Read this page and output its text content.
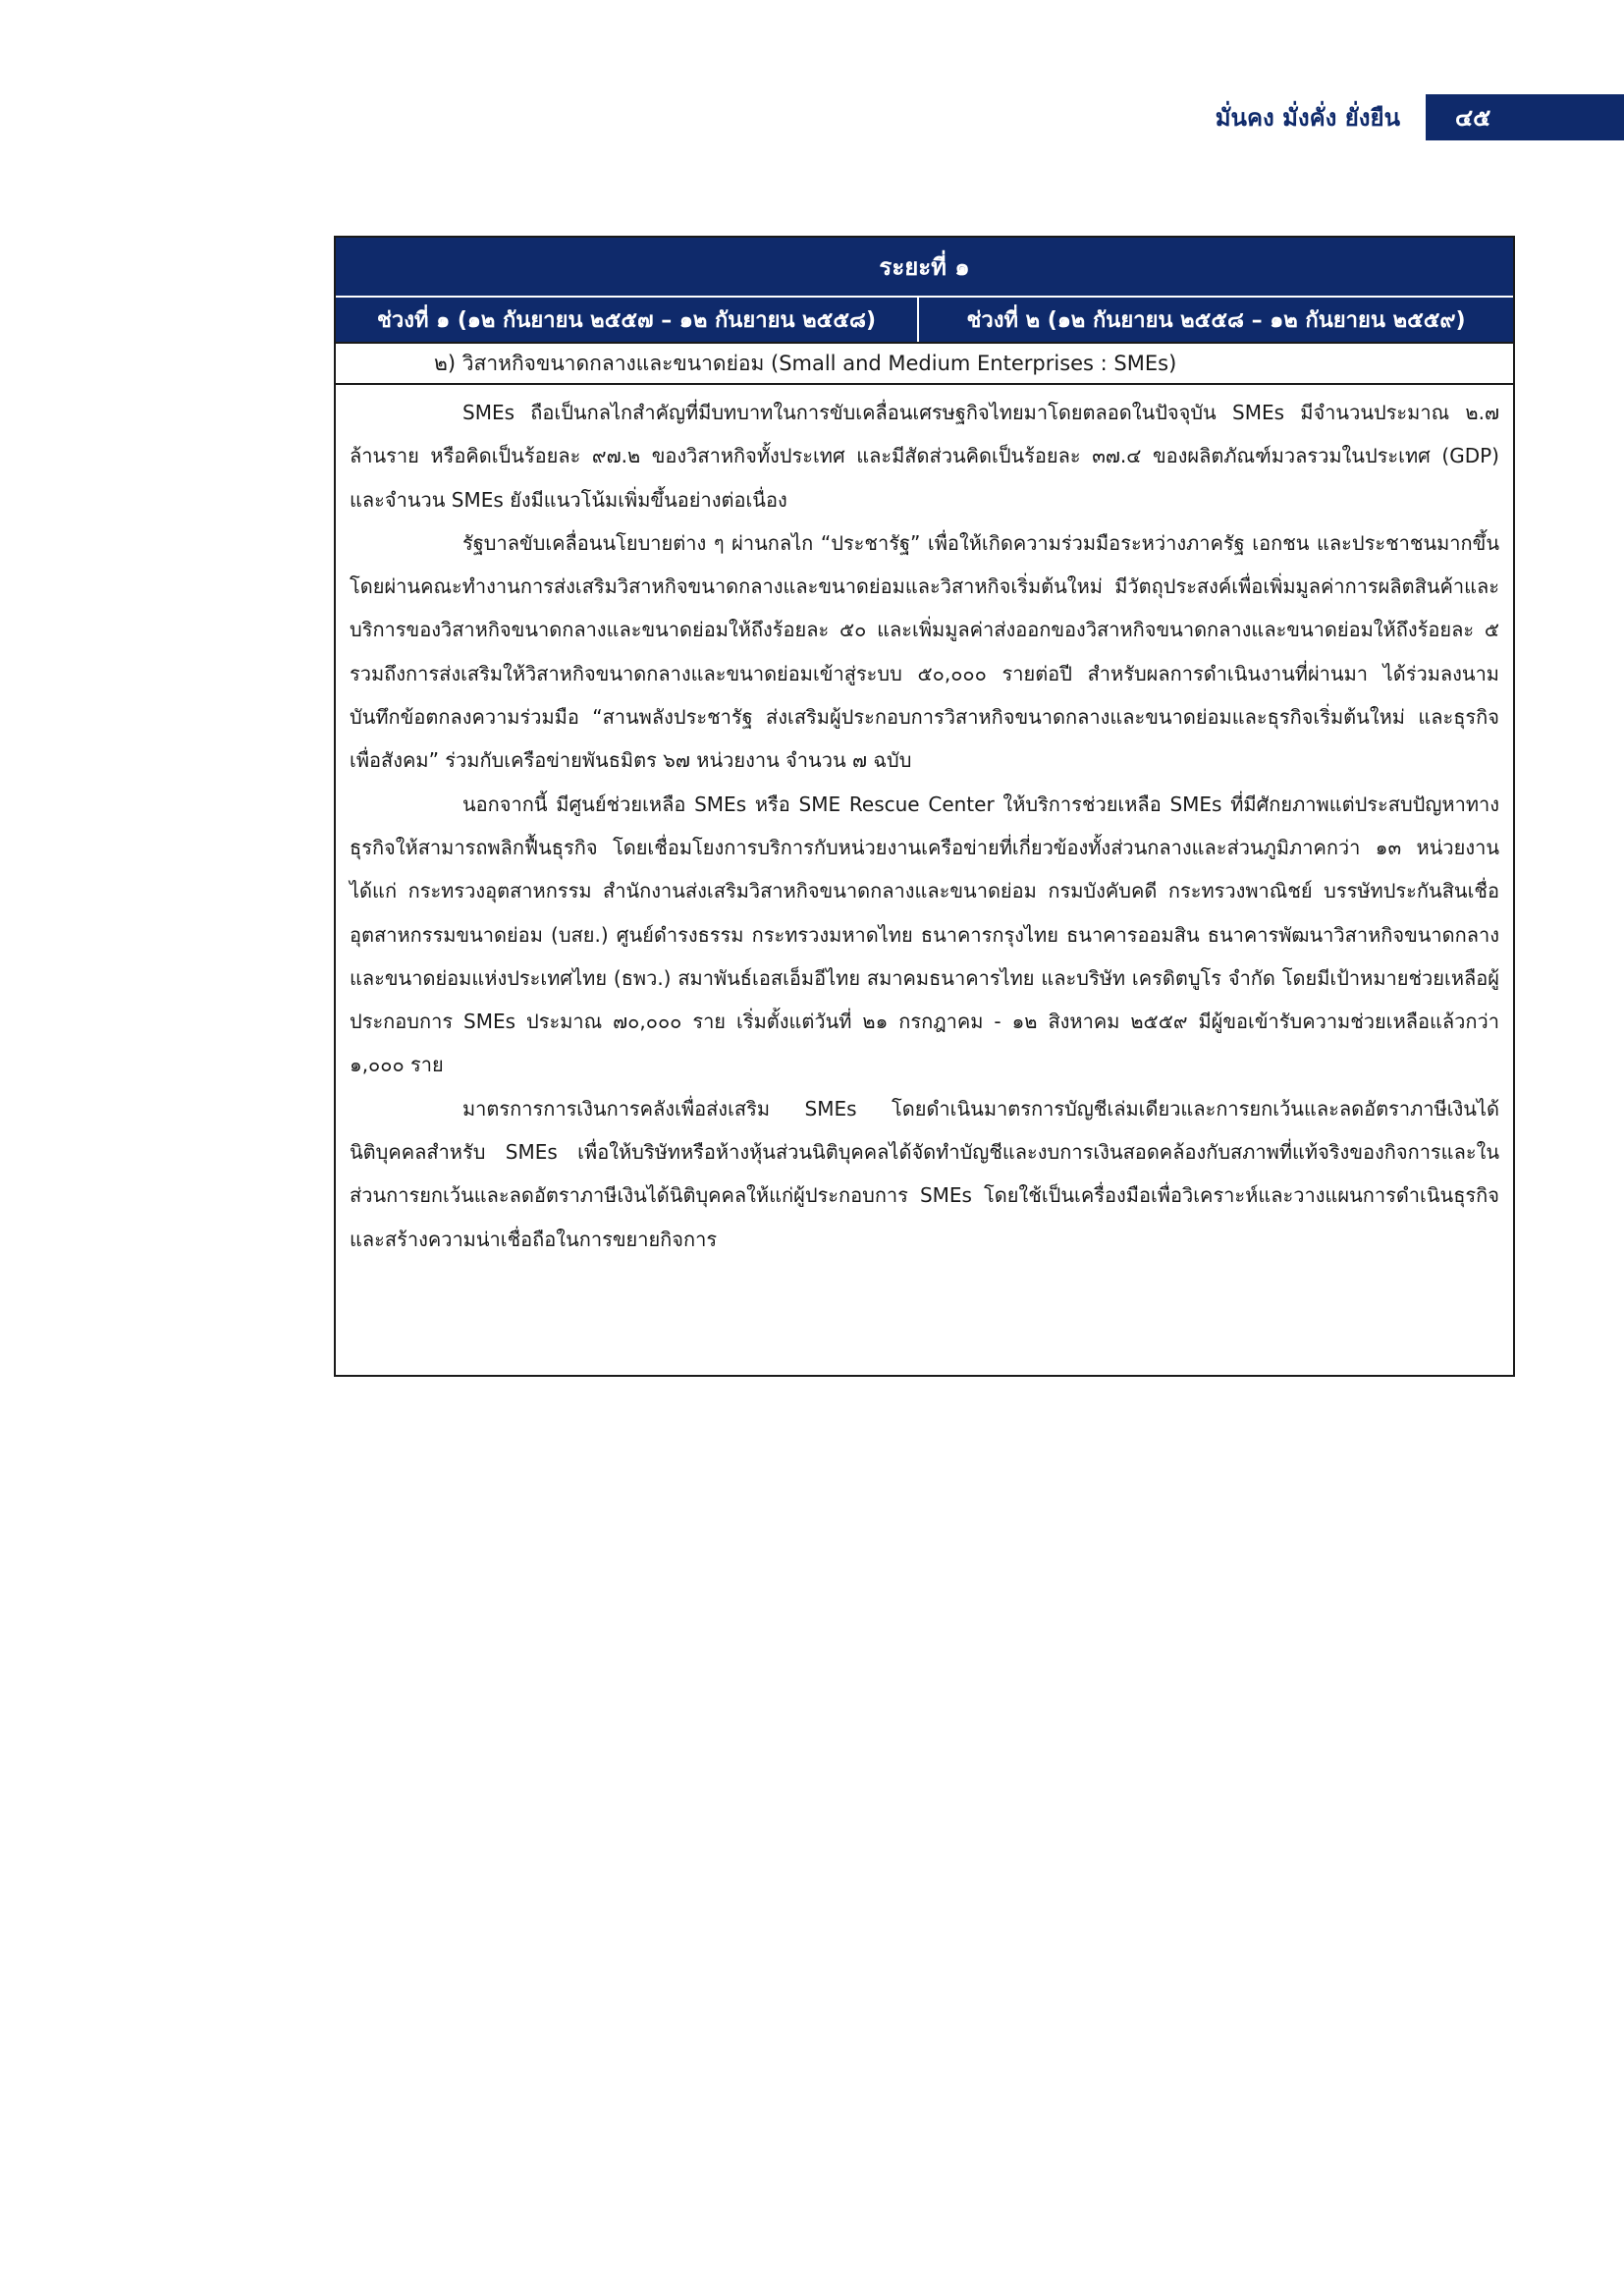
มั่นคง มั่งคั่ง ยั่งยืน	๔๕
ระยะที่ ๑
ช่วงที่ ๑ (๑๒ กันยายน ๒๕๕๗ – ๑๒ กันยายน ๒๕๕๘)	ช่วงที่ ๒ (๑๒ กันยายน ๒๕๕๘ – ๑๒ กันยายน ๒๕๕๙)
๒) วิสาหกิจขนาดกลางและขนาดย่อม (Small and Medium Enterprises : SMEs)

SMEs ถือเป็นกลไกสำคัญที่มีบทบาทในการขับเคลื่อนเศรษฐกิจไทยมาโดยตลอดในปัจจุบัน SMEs มีจำนวนประมาณ ๒.๗ ล้านราย หรือคิดเป็นร้อยละ ๙๗.๒ ของวิสาหกิจทั้งประเทศ และมีสัดส่วนคิดเป็นร้อยละ ๓๗.๔ ของผลิตภัณฑ์มวลรวมในประเทศ (GDP) และจำนวน SMEs ยังมีแนวโน้มเพิ่มขึ้นอย่างต่อเนื่อง

รัฐบาลขับเคลื่อนนโยบายต่าง ๆ ผ่านกลไก “ประชารัฐ” เพื่อให้เกิดความร่วมมือระหว่างภาครัฐ เอกชน และประชาชนมากขึ้นโดยผ่านคณะทำงานการส่งเสริมวิสาหกิจขนาดกลางและขนาดย่อมและวิสาหกิจเริ่มต้นใหม่ มีวัตถุประสงค์เพื่อเพิ่มมูลค่าการผลิตสินค้าและบริการของวิสาหกิจขนาดกลางและขนาดย่อมให้ถึงร้อยละ ๕๐ และเพิ่มมูลค่าส่งออกของวิสาหกิจขนาดกลางและขนาดย่อมให้ถึงร้อยละ ๕ รวมถึงการส่งเสริมให้วิสาหกิจขนาดกลางและขนาดย่อมเข้าสู่ระบบ ๕๐,๐๐๐ รายต่อปี สำหรับผลการดำเนินงานที่ผ่านมา ได้ร่วมลงนามบันทึกข้อตกลงความร่วมมือ “สานพลังประชารัฐ ส่งเสริมผู้ประกอบการวิสาหกิจขนาดกลางและขนาดย่อมและธุรกิจเริ่มต้นใหม่ และธุรกิจเพื่อสังคม” ร่วมกับเครือข่ายพันธมิตร ๖๗ หน่วยงาน จำนวน ๗ ฉบับ

นอกจากนี้ มีศูนย์ช่วยเหลือ SMEs หรือ SME Rescue Center ให้บริการช่วยเหลือ SMEs ที่มีศักยภาพแต่ประสบปัญหาทางธุรกิจให้สามารถพลิกฟื้นธุรกิจ โดยเชื่อมโยงการบริการกับหน่วยงานเครือข่ายที่เกี่ยวข้องทั้งส่วนกลางและส่วนภูมิภาคกว่า ๑๓ หน่วยงาน ได้แก่ กระทรวงอุตสาหกรรม สำนักงานส่งเสริมวิสาหกิจขนาดกลางและขนาดย่อม กรมบังคับคดี กระทรวงพาณิชย์ บรรษัทประกันสินเชื่ออุตสาหกรรมขนาดย่อม (บสย.) ศูนย์ดำรงธรรม กระทรวงมหาดไทย ธนาคารกรุงไทย ธนาคารออมสิน ธนาคารพัฒนาวิสาหกิจขนาดกลางและขนาดย่อมแห่งประเทศไทย (ธพว.) สมาพันธ์เอสเอ็มอีไทย สมาคมธนาคารไทย และบริษัท เครดิตบูโร จำกัด โดยมีเป้าหมายช่วยเหลือผู้ประกอบการ SMEs ประมาณ ๗๐,๐๐๐ ราย เริ่มตั้งแต่วันที่ ๒๑ กรกฎาคม - ๑๒ สิงหาคม ๒๕๕๙ มีผู้ขอเข้ารับความช่วยเหลือแล้วกว่า ๑,๐๐๐ ราย

มาตรการการเงินการคลังเพื่อส่งเสริม SMEs โดยดำเนินมาตรการบัญชีเล่มเดียวและการยกเว้นและลดอัตราภาษีเงินได้นิติบุคคลสำหรับ SMEs เพื่อให้บริษัทหรือห้างหุ้นส่วนนิติบุคคลได้จัดทำบัญชีและงบการเงินสอดคล้องกับสภาพที่แท้จริงของกิจการและในส่วนการยกเว้นและลดอัตราภาษีเงินได้นิติบุคคลให้แก่ผู้ประกอบการ SMEs โดยใช้เป็นเครื่องมือเพื่อวิเคราะห์และวางแผนการดำเนินธุรกิจและสร้างความน่าเชื่อถือในการขยายกิจการ
